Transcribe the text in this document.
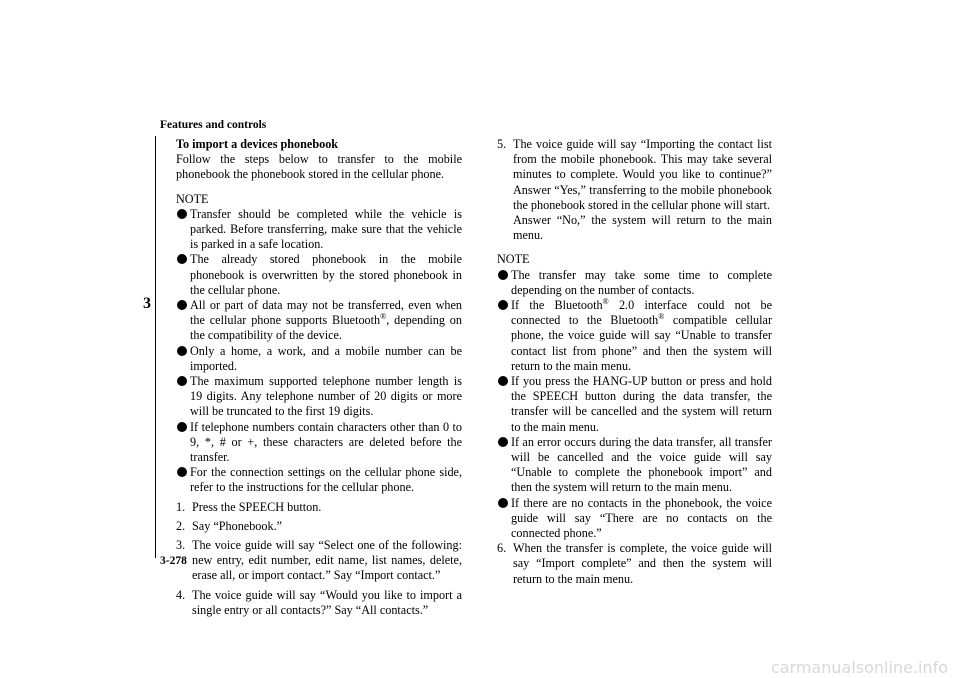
Features and controls
3
3-278
To import a devices phonebook

Follow the steps below to transfer to the mobile phonebook the phonebook stored in the cellular phone.

NOTE
Transfer should be completed while the vehicle is parked. Before transferring, make sure that the vehicle is parked in a safe location.
The already stored phonebook in the mobile phonebook is overwritten by the stored phonebook in the cellular phone.
All or part of data may not be transferred, even when the cellular phone supports Bluetooth®, depending on the compatibility of the device.
Only a home, a work, and a mobile number can be imported.
The maximum supported telephone number length is 19 digits. Any telephone number of 20 digits or more will be truncated to the first 19 digits.
If telephone numbers contain characters other than 0 to 9, *, # or +, these characters are deleted before the transfer.
For the connection settings on the cellular phone side, refer to the instructions for the cellular phone.
1. Press the SPEECH button.
2. Say “Phonebook.”
3. The voice guide will say “Select one of the following: new entry, edit number, edit name, list names, delete, erase all, or import contact.” Say “Import contact.”
4. The voice guide will say “Would you like to import a single entry or all contacts?” Say “All contacts.”
5. The voice guide will say “Importing the contact list from the mobile phonebook. This may take several minutes to complete. Would you like to continue?” Answer “Yes,” transferring to the mobile phonebook the phonebook stored in the cellular phone will start.
Answer “No,” the system will return to the main menu.
NOTE
The transfer may take some time to complete depending on the number of contacts.
If the Bluetooth® 2.0 interface could not be connected to the Bluetooth® compatible cellular phone, the voice guide will say “Unable to transfer contact list from phone” and then the system will return to the main menu.
If you press the HANG-UP button or press and hold the SPEECH button during the data transfer, the transfer will be cancelled and the system will return to the main menu.
If an error occurs during the data transfer, all transfer will be cancelled and the voice guide will say “Unable to complete the phonebook import” and then the system will return to the main menu.
If there are no contacts in the phonebook, the voice guide will say “There are no contacts on the connected phone.”
6. When the transfer is complete, the voice guide will say “Import complete” and then the system will return to the main menu.
carmanualsonline.info
